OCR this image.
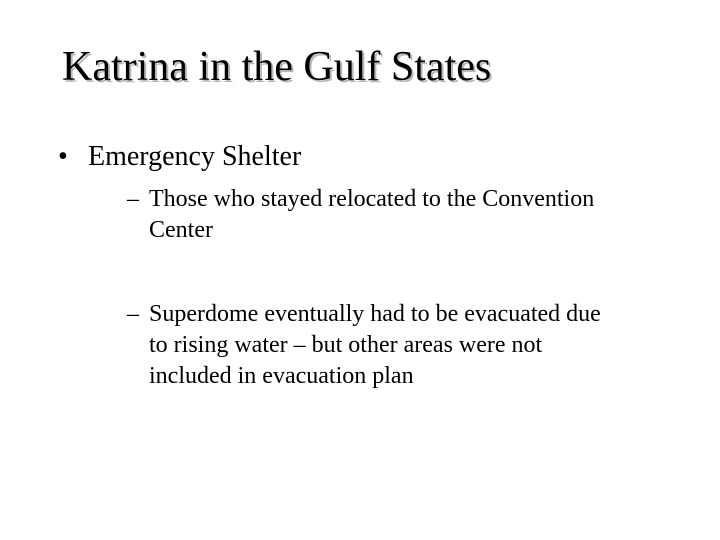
Katrina in the Gulf States
• Emergency Shelter
– Those who stayed relocated to the Convention
Center
– Superdome eventually had to be evacuated due
to rising water – but other areas were not
included in evacuation plan
